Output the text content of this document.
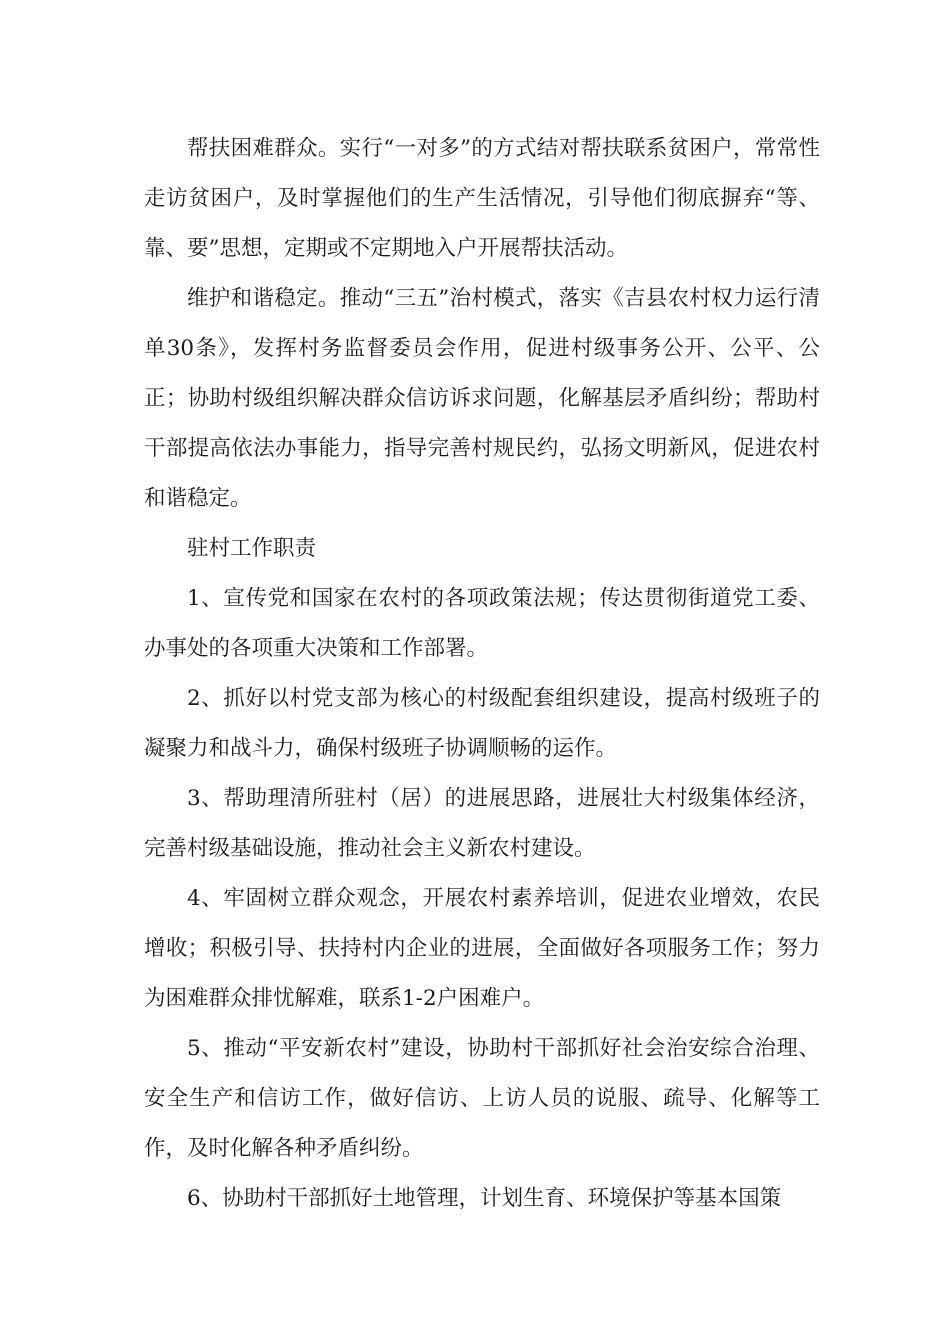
帮扶困难群众。实行“一对多”的方式结对帮扶联系贫困户，常常性走访贫困户，及时掌握他们的生产生活情况，引导他们彻底摒弃“等、靠、要”思想，定期或不定期地入户开展帮扶活动。

维护和谐稳定。推动“三五”治村模式，落实《吉县农村权力运行清单30条》，发挥村务监督委员会作用，促进村级事务公开、公平、公正；协助村级组织解决群众信访诉求问题，化解基层矛盾纠纷；帮助村干部提高依法办事能力，指导完善村规民约，弘扬文明新风，促进农村和谐稳定。

驻村工作职责

1、宣传党和国家在农村的各项政策法规；传达贯彻街道党工委、办事处的各项重大决策和工作部署。

2、抓好以村党支部为核心的村级配套组织建设，提高村级班子的凝聚力和战斗力，确保村级班子协调顺畅的运作。

3、帮助理清所驻村（居）的进展思路，进展壮大村级集体经济，完善村级基础设施，推动社会主义新农村建设。

4、牢固树立群众观念，开展农村素养培训，促进农业增效，农民增收；积极引导、扶持村内企业的进展，全面做好各项服务工作；努力为困难群众排忧解难，联系1-2户困难户。

5、推动“平安新农村”建设，协助村干部抓好社会治安综合治理、安全生产和信访工作，做好信访、上访人员的说服、疏导、化解等工作，及时化解各种矛盾纠纷。

6、协助村干部抓好土地管理，计划生育、环境保护等基本国策
